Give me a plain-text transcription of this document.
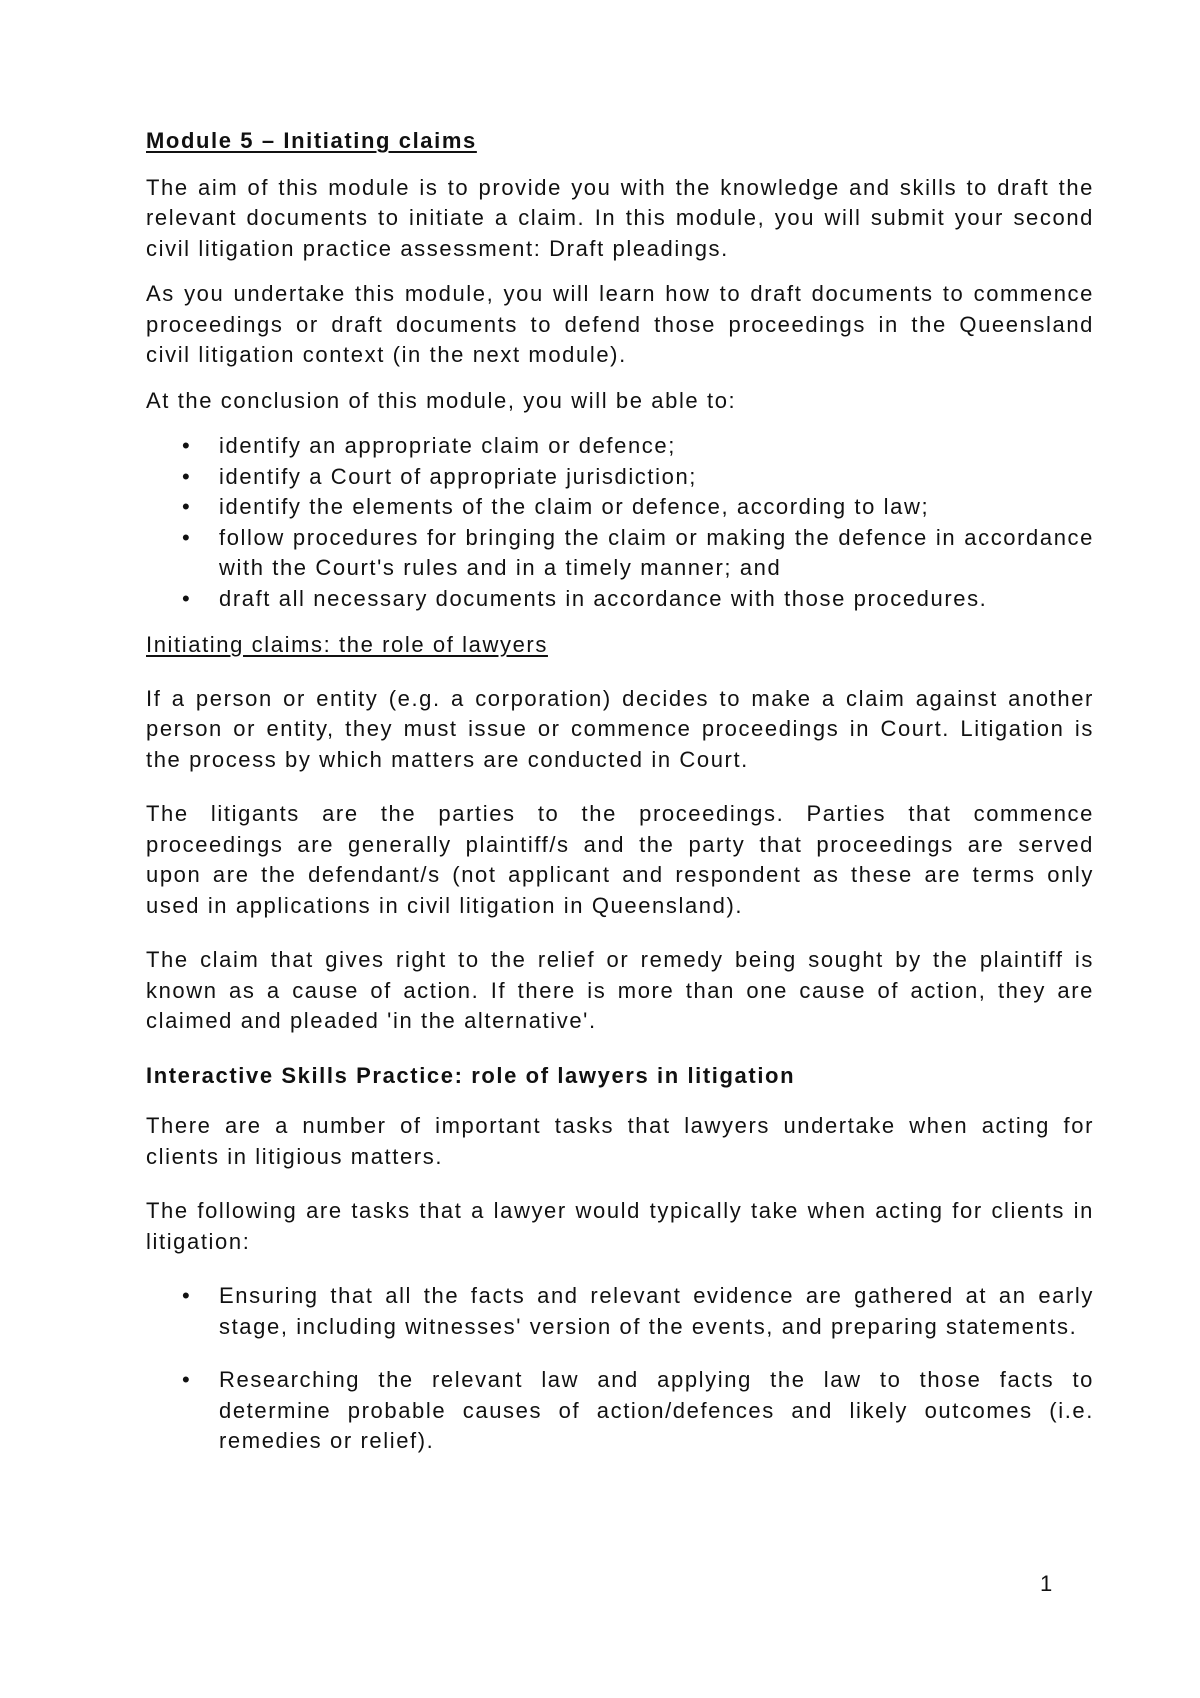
Module 5 – Initiating claims

The aim of this module is to provide you with the knowledge and skills to draft the relevant documents to initiate a claim. In this module, you will submit your second civil litigation practice assessment: Draft pleadings.

As you undertake this module, you will learn how to draft documents to commence proceedings or draft documents to defend those proceedings in the Queensland civil litigation context (in the next module).

At the conclusion of this module, you will be able to:

• identify an appropriate claim or defence;
• identify a Court of appropriate jurisdiction;
• identify the elements of the claim or defence, according to law;
• follow procedures for bringing the claim or making the defence in accordance with the Court's rules and in a timely manner; and
• draft all necessary documents in accordance with those procedures.

Initiating claims: the role of lawyers

If a person or entity (e.g. a corporation) decides to make a claim against another person or entity, they must issue or commence proceedings in Court. Litigation is the process by which matters are conducted in Court.

The litigants are the parties to the proceedings. Parties that commence proceedings are generally plaintiff/s and the party that proceedings are served upon are the defendant/s (not applicant and respondent as these are terms only used in applications in civil litigation in Queensland).

The claim that gives right to the relief or remedy being sought by the plaintiff is known as a cause of action. If there is more than one cause of action, they are claimed and pleaded 'in the alternative'.

Interactive Skills Practice: role of lawyers in litigation

There are a number of important tasks that lawyers undertake when acting for clients in litigious matters.

The following are tasks that a lawyer would typically take when acting for clients in litigation:

• Ensuring that all the facts and relevant evidence are gathered at an early stage, including witnesses' version of the events, and preparing statements.
• Researching the relevant law and applying the law to those facts to determine probable causes of action/defences and likely outcomes (i.e. remedies or relief).
1
